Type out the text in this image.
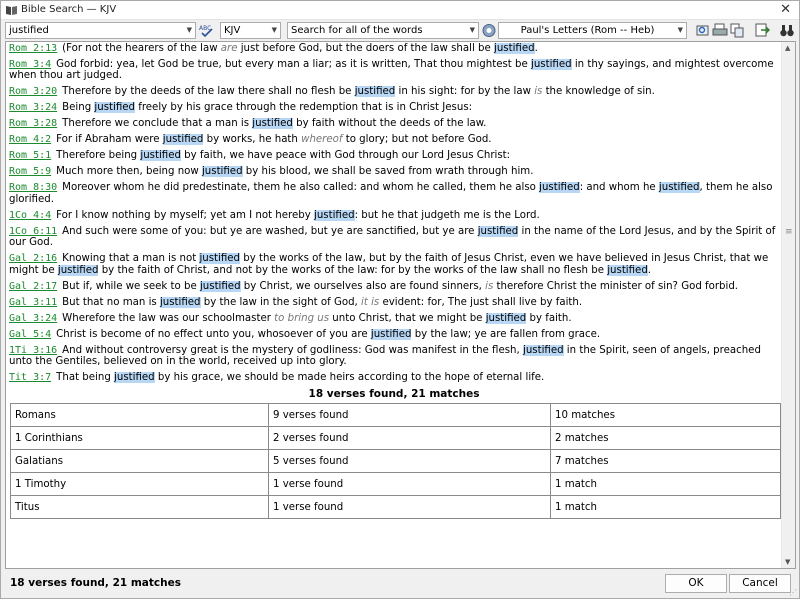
Bible Search — KJV	✕
justified	▼ ABC	KJV	▼	Search for all of the words	▼	Paul's Letters (Rom -- Heb)	▼
Rom 2:13 (For not the hearers of the law are just before God, but the doers of the law shall be justified.
Rom 3:4 God forbid: yea, let God be true, but every man a liar; as it is written, That thou mightest be justified in thy sayings, and mightest overcome when thou art judged.
Rom 3:20 Therefore by the deeds of the law there shall no flesh be justified in his sight: for by the law is the knowledge of sin.
Rom 3:24 Being justified freely by his grace through the redemption that is in Christ Jesus:
Rom 3:28 Therefore we conclude that a man is justified by faith without the deeds of the law.
Rom 4:2 For if Abraham were justified by works, he hath whereof to glory; but not before God.
Rom 5:1 Therefore being justified by faith, we have peace with God through our Lord Jesus Christ:
Rom 5:9 Much more then, being now justified by his blood, we shall be saved from wrath through him.
Rom 8:30 Moreover whom he did predestinate, them he also called: and whom he called, them he also justified: and whom he justified, them he also glorified.
1Co 4:4 For I know nothing by myself; yet am I not hereby justified: but he that judgeth me is the Lord.
1Co 6:11 And such were some of you: but ye are washed, but ye are sanctified, but ye are justified in the name of the Lord Jesus, and by the Spirit of our God.
Gal 2:16 Knowing that a man is not justified by the works of the law, but by the faith of Jesus Christ, even we have believed in Jesus Christ, that we might be justified by the faith of Christ, and not by the works of the law: for by the works of the law shall no flesh be justified.
Gal 2:17 But if, while we seek to be justified by Christ, we ourselves also are found sinners, is therefore Christ the minister of sin? God forbid.
Gal 3:11 But that no man is justified by the law in the sight of God, it is evident: for, The just shall live by faith.
Gal 3:24 Wherefore the law was our schoolmaster to bring us unto Christ, that we might be justified by faith.
Gal 5:4 Christ is become of no effect unto you, whosoever of you are justified by the law; ye are fallen from grace.
1Ti 3:16 And without controversy great is the mystery of godliness: God was manifest in the flesh, justified in the Spirit, seen of angels, preached unto the Gentiles, believed on in the world, received up into glory.
Tit 3:7 That being justified by his grace, we should be made heirs according to the hope of eternal life.
18 verses found, 21 matches
Romans	9 verses found	10 matches
1 Corinthians	2 verses found	2 matches
Galatians	5 verses found	7 matches
1 Timothy	1 verse found	1 match
Titus	1 verse found	1 match
▲
≡
▼
18 verses found, 21 matches	OK	Cancel
⋰
